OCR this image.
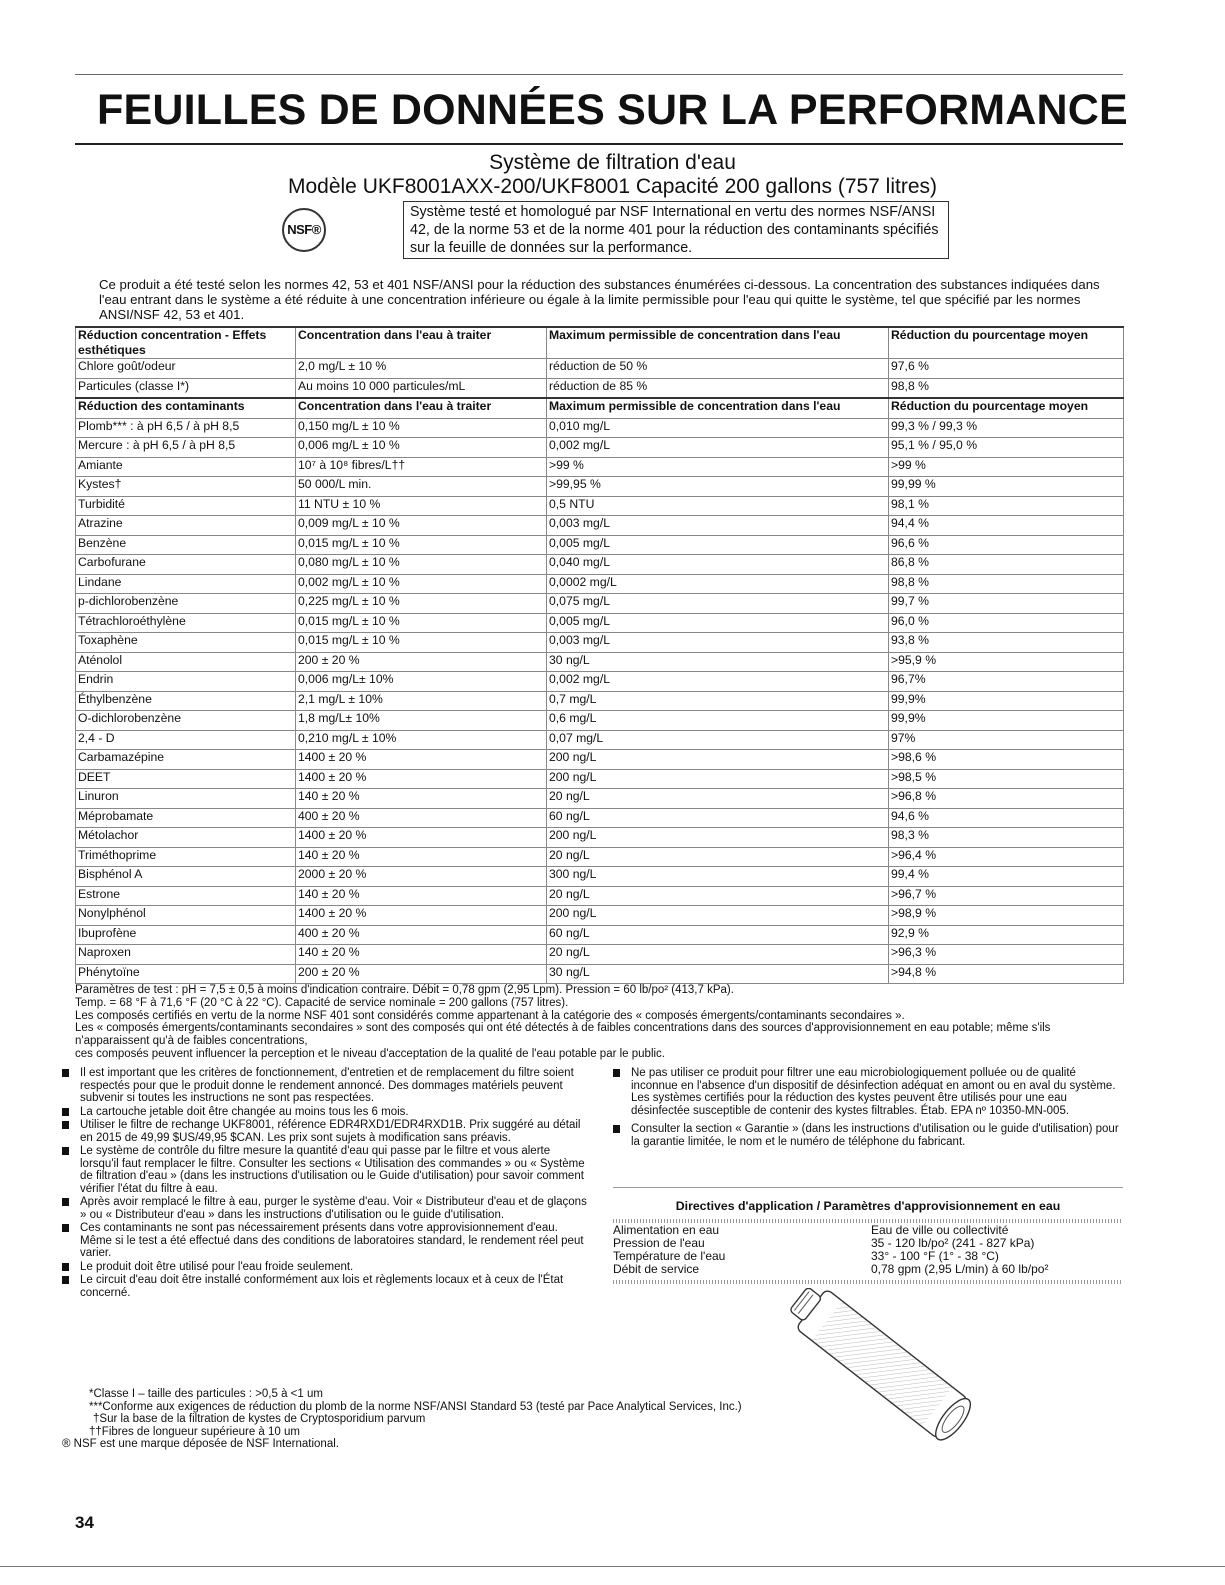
FEUILLES DE DONNÉES SUR LA PERFORMANCE
Système de filtration d'eau
Modèle UKF8001AXX-200/UKF8001 Capacité 200 gallons (757 litres)
NSF®
Système testé et homologué par NSF International en vertu des normes NSF/ANSI 42, de la norme 53 et de la norme 401 pour la réduction des contaminants spécifiés sur la feuille de données sur la performance.

Ce produit a été testé selon les normes 42, 53 et 401 NSF/ANSI pour la réduction des substances énumérées ci-dessous. La concentration des substances indiquées dans l'eau entrant dans le système a été réduite à une concentration inférieure ou égale à la limite permissible pour l'eau qui quitte le système, tel que spécifié par les normes ANSI/NSF 42, 53 et 401.

Réduction concentration - Effets esthétiques	Concentration dans l'eau à traiter	Maximum permissible de concentration dans l'eau	Réduction du pourcentage moyen
Chlore goût/odeur	2,0 mg/L ± 10 %	réduction de 50 %	97,6 %
Particules (classe I*)	Au moins 10 000 particules/mL	réduction de 85 %	98,8 %
Réduction des contaminants	Concentration dans l'eau à traiter	Maximum permissible de concentration dans l'eau	Réduction du pourcentage moyen
Plomb*** : à pH 6,5 / à pH 8,5	0,150 mg/L ± 10 %	0,010 mg/L	99,3 % / 99,3 %
Mercure : à pH 6,5 / à pH 8,5	0,006 mg/L ± 10 %	0,002 mg/L	95,1 % / 95,0 %
Amiante	10⁷ à 10⁸ fibres/L††	>99 %	>99 %
Kystes†	50 000/L min.	>99,95 %	99,99 %
Turbidité	11 NTU ± 10 %	0,5 NTU	98,1 %
Atrazine	0,009 mg/L ± 10 %	0,003 mg/L	94,4 %
Benzène	0,015 mg/L ± 10 %	0,005 mg/L	96,6 %
Carbofurane	0,080 mg/L ± 10 %	0,040 mg/L	86,8 %
Lindane	0,002 mg/L ± 10 %	0,0002 mg/L	98,8 %
p-dichlorobenzène	0,225 mg/L ± 10 %	0,075 mg/L	99,7 %
Tétrachloroéthylène	0,015 mg/L ± 10 %	0,005 mg/L	96,0 %
Toxaphène	0,015 mg/L ± 10 %	0,003 mg/L	93,8 %
Aténolol	200 ± 20 %	30 ng/L	>95,9 %
Endrin	0,006 mg/L± 10%	0,002 mg/L	96,7%
Éthylbenzène	2,1 mg/L ± 10%	0,7 mg/L	99,9%
O-dichlorobenzène	1,8 mg/L± 10%	0,6 mg/L	99,9%
2,4 - D	0,210 mg/L ± 10%	0,07 mg/L	97%
Carbamazépine	1400 ± 20 %	200 ng/L	>98,6 %
DEET	1400 ± 20 %	200 ng/L	>98,5 %
Linuron	140 ± 20 %	20 ng/L	>96,8 %
Méprobamate	400 ± 20 %	60 ng/L	94,6 %
Métolachor	1400 ± 20 %	200 ng/L	98,3 %
Triméthoprime	140 ± 20 %	20 ng/L	>96,4 %
Bisphénol A	2000 ± 20 %	300 ng/L	99,4 %
Estrone	140 ± 20 %	20 ng/L	>96,7 %
Nonylphénol	1400 ± 20 %	200 ng/L	>98,9 %
Ibuprofène	400 ± 20 %	60 ng/L	92,9 %
Naproxen	140 ± 20 %	20 ng/L	>96,3 %
Phénytoïne	200 ± 20 %	30 ng/L	>94,8 %

Paramètres de test : pH = 7,5 ± 0,5 à moins d'indication contraire. Débit = 0,78 gpm (2,95 Lpm). Pression = 60 lb/po² (413,7 kPa).

Temp. = 68 °F à 71,6 °F (20 °C à 22 °C). Capacité de service nominale = 200 gallons (757 litres).

Les composés certifiés en vertu de la norme NSF 401 sont considérés comme appartenant à la catégorie des « composés émergents/contaminants secondaires ».

Les « composés émergents/contaminants secondaires » sont des composés qui ont été détectés à de faibles concentrations dans des sources d'approvisionnement en eau potable; même s'ils n'apparaissent qu'à de faibles concentrations,

ces composés peuvent influencer la perception et le niveau d'acceptation de la qualité de l'eau potable par le public.

Il est important que les critères de fonctionnement, d'entretien et de remplacement du filtre soient respectés pour que le produit donne le rendement annoncé. Des dommages matériels peuvent subvenir si toutes les instructions ne sont pas respectées.
La cartouche jetable doit être changée au moins tous les 6 mois.
Utiliser le filtre de rechange UKF8001, référence EDR4RXD1/EDR4RXD1B. Prix suggéré au détail en 2015 de 49,99 $US/49,95 $CAN. Les prix sont sujets à modification sans préavis.
Le système de contrôle du filtre mesure la quantité d'eau qui passe par le filtre et vous alerte lorsqu'il faut remplacer le filtre. Consulter les sections « Utilisation des commandes » ou « Système de filtration d'eau » (dans les instructions d'utilisation ou le Guide d'utilisation) pour savoir comment vérifier l'état du filtre à eau.
Après avoir remplacé le filtre à eau, purger le système d'eau. Voir « Distributeur d'eau et de glaçons » ou « Distributeur d'eau » dans les instructions d'utilisation ou le guide d'utilisation.
Ces contaminants ne sont pas nécessairement présents dans votre approvisionnement d'eau. Même si le test a été effectué dans des conditions de laboratoires standard, le rendement réel peut varier.
Le produit doit être utilisé pour l'eau froide seulement.
Le circuit d'eau doit être installé conformément aux lois et règlements locaux et à ceux de l'État concerné.
Ne pas utiliser ce produit pour filtrer une eau microbiologiquement polluée ou de qualité inconnue en l'absence d'un dispositif de désinfection adéquat en amont ou en aval du système. Les systèmes certifiés pour la réduction des kystes peuvent être utilisés pour une eau désinfectée susceptible de contenir des kystes filtrables. Étab. EPA nº 10350-MN-005.
Consulter la section « Garantie » (dans les instructions d'utilisation ou le guide d'utilisation) pour la garantie limitée, le nom et le numéro de téléphone du fabricant.
Directives d'application / Paramètres d'approvisionnement en eau
Alimentation en eau	Eau de ville ou collectivité
Pression de l'eau	35 - 120 lb/po² (241 - 827 kPa)
Température de l'eau	33° - 100 °F (1° - 38 °C)
Débit de service	0,78 gpm (2,95 L/min) à 60 lb/po²

*Classe I – taille des particules : >0,5 à <1 um

***Conforme aux exigences de réduction du plomb de la norme NSF/ANSI Standard 53 (testé par Pace Analytical Services, Inc.)

†Sur la base de la filtration de kystes de Cryptosporidium parvum

††Fibres de longueur supérieure à 10 um

® NSF est une marque déposée de NSF International.

34
